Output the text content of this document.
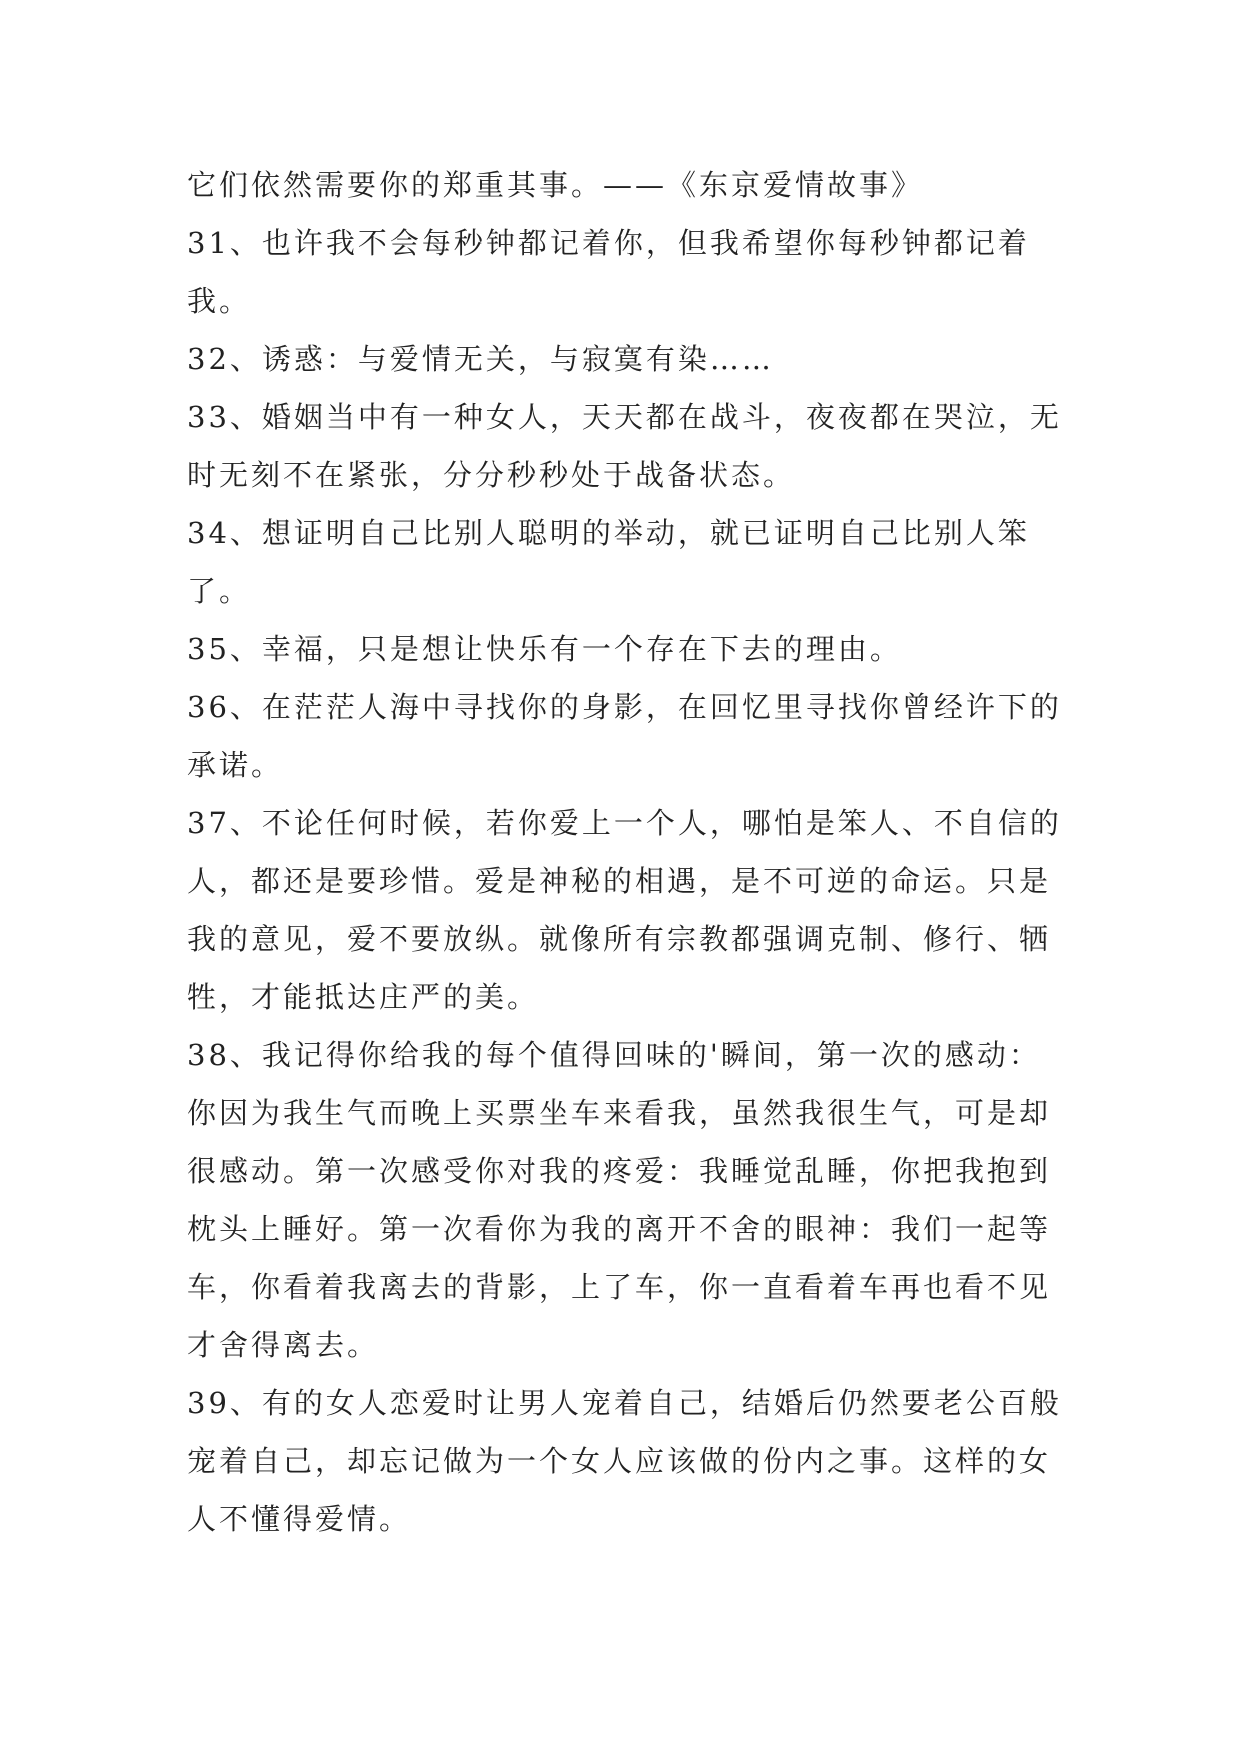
它们依然需要你的郑重其事。——《东京爱情故事》

31、也许我不会每秒钟都记着你，但我希望你每秒钟都记着我。

32、诱惑：与爱情无关，与寂寞有染……

33、婚姻当中有一种女人，天天都在战斗，夜夜都在哭泣，无时无刻不在紧张，分分秒秒处于战备状态。

34、想证明自己比别人聪明的举动，就已证明自己比别人笨了。

35、幸福，只是想让快乐有一个存在下去的理由。

36、在茫茫人海中寻找你的身影，在回忆里寻找你曾经许下的承诺。

37、不论任何时候，若你爱上一个人，哪怕是笨人、不自信的人，都还是要珍惜。爱是神秘的相遇，是不可逆的命运。只是我的意见，爱不要放纵。就像所有宗教都强调克制、修行、牺牲，才能抵达庄严的美。

38、我记得你给我的每个值得回味的'瞬间，第一次的感动：你因为我生气而晚上买票坐车来看我，虽然我很生气，可是却很感动。第一次感受你对我的疼爱：我睡觉乱睡，你把我抱到枕头上睡好。第一次看你为我的离开不舍的眼神：我们一起等车，你看着我离去的背影，上了车，你一直看着车再也看不见才舍得离去。

39、有的女人恋爱时让男人宠着自己，结婚后仍然要老公百般宠着自己，却忘记做为一个女人应该做的份内之事。这样的女人不懂得爱情。
